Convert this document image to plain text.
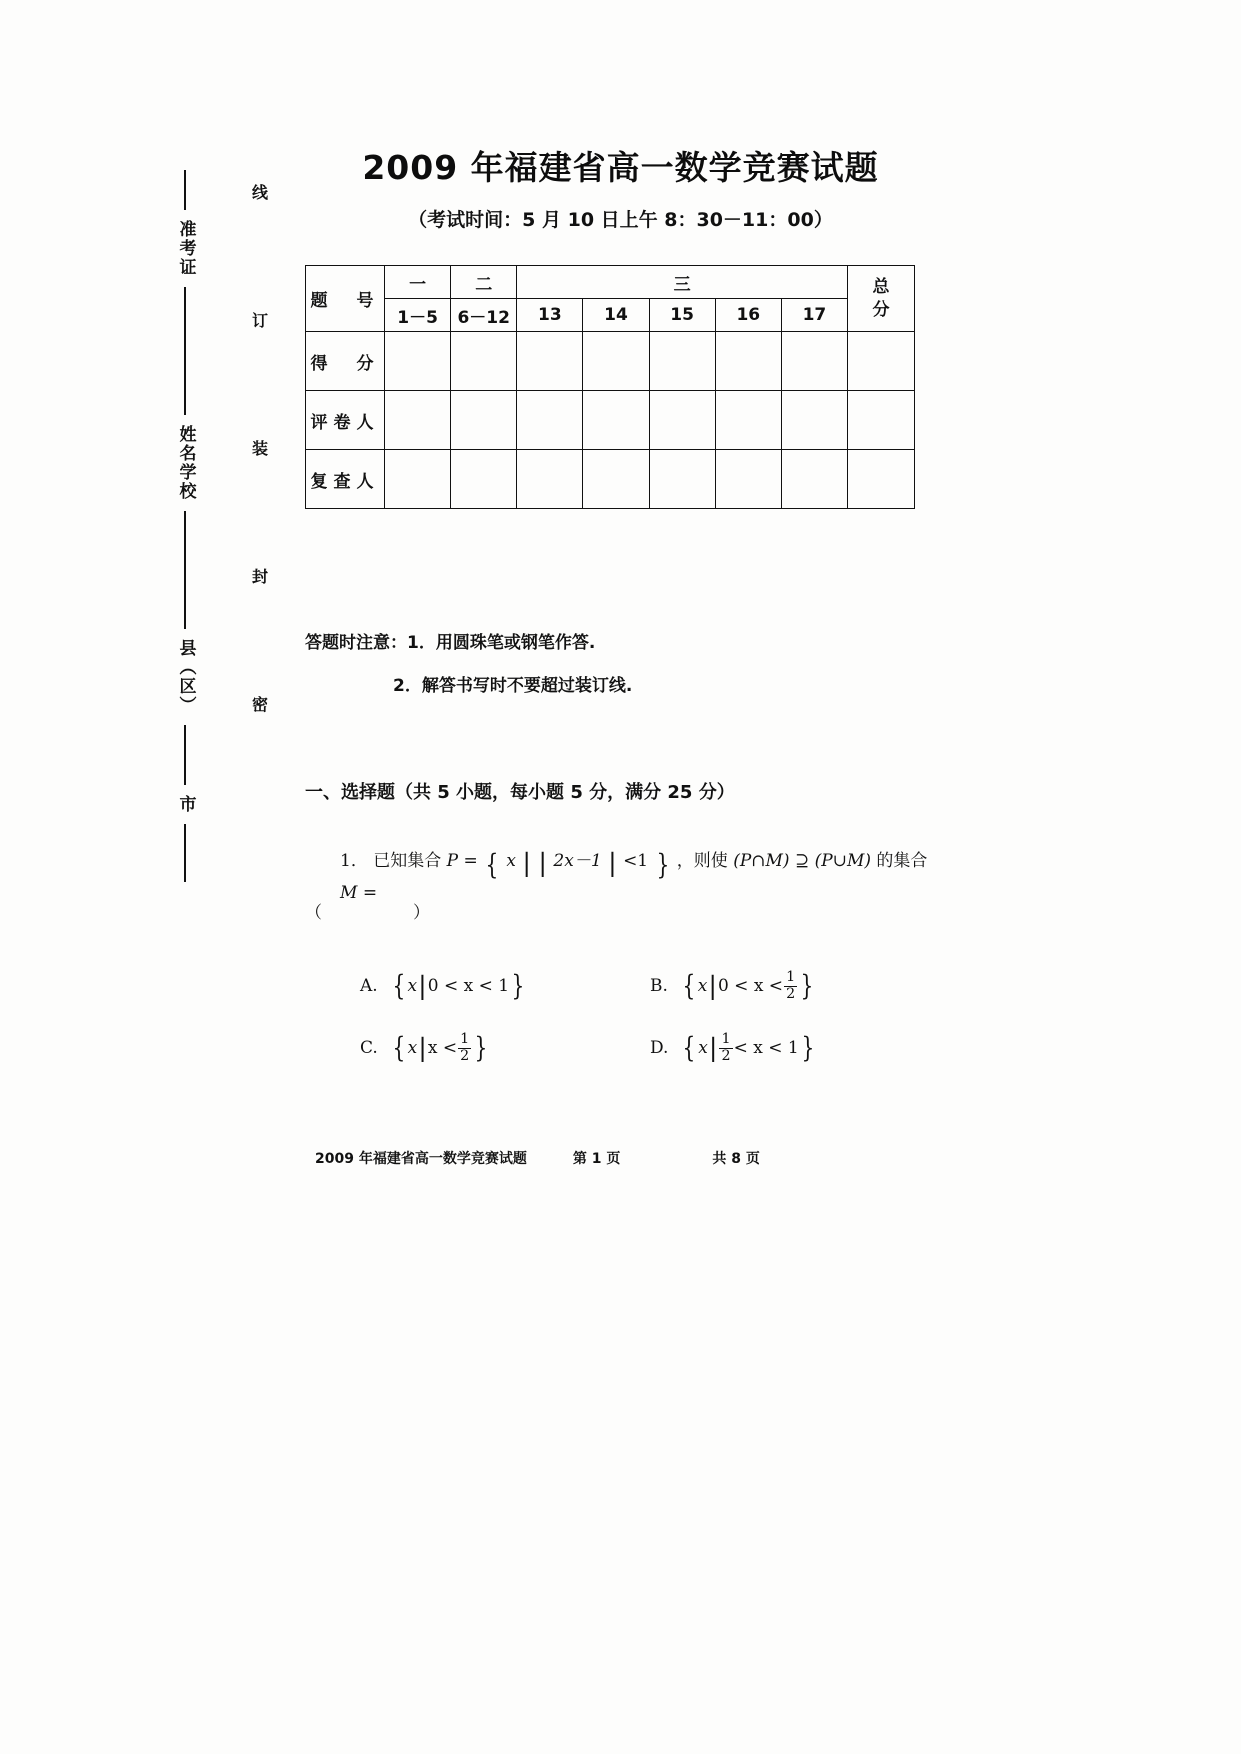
准考证
姓名
学校
县（区）
市
线
订
装
封
密
2009 年福建省高一数学竞赛试题
（考试时间：5 月 10 日上午 8：30－11：00）
题　号	一	二	三					总
分

	1－5	6－12	13	14	15	16	17	
得　分								
评卷人								
复查人								
答题时注意：1．用圆珠笔或钢笔作答.
2．解答书写时不要超过装订线.
一、选择题（共 5 小题，每小题 5 分，满分 25 分）
1． 已知集合 P = { x | | 2x－1 | <1 } ，则使 (P∩M) ⊇ (P∪M) 的集合 M =
（　　　）
A. { x | 0 < x < 1 }	B. { x | $0 < x < \frac{1}{2}$ }
C. { x | $x < \frac{1}{2}$ }	D. { x | $\frac{1}{2} < x < 1$ }
2009 年福建省高一数学竞赛试题	第 1 页	共 8 页
